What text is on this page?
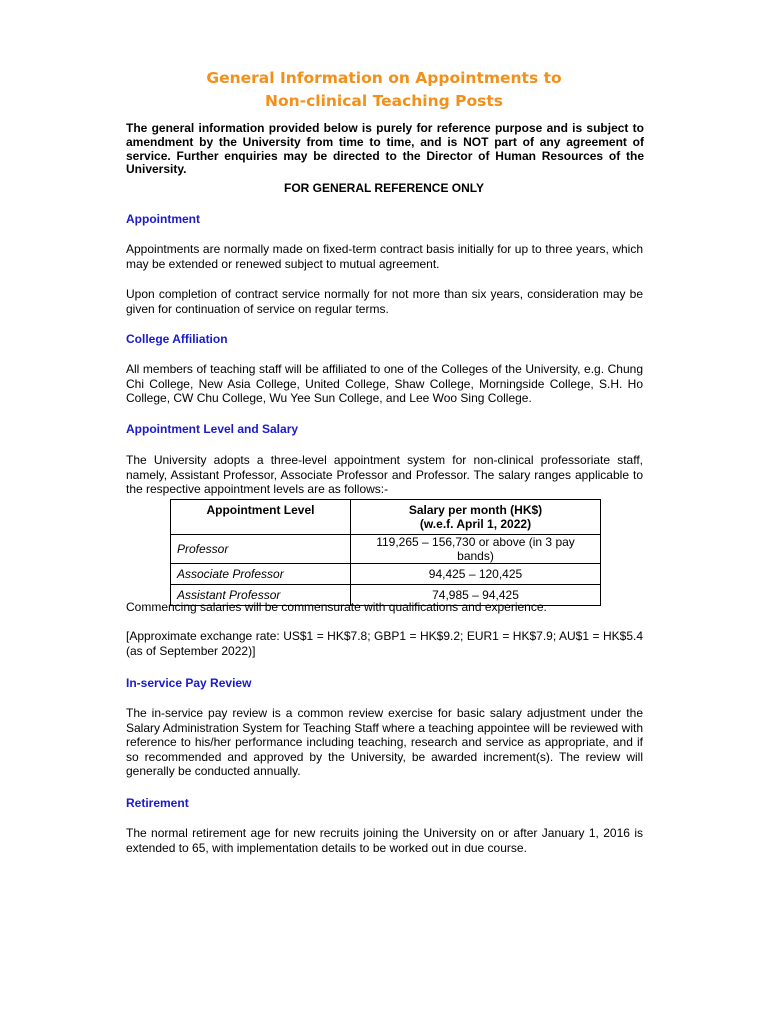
General Information on Appointments to
Non-clinical Teaching Posts
The general information provided below is purely for reference purpose and is subject to amendment by the University from time to time, and is NOT part of any agreement of service. Further enquiries may be directed to the Director of Human Resources of the University.
FOR GENERAL REFERENCE ONLY
Appointment
Appointments are normally made on fixed-term contract basis initially for up to three years, which may be extended or renewed subject to mutual agreement.
Upon completion of contract service normally for not more than six years, consideration may be given for continuation of service on regular terms.
College Affiliation
All members of teaching staff will be affiliated to one of the Colleges of the University, e.g. Chung Chi College, New Asia College, United College, Shaw College, Morningside College, S.H. Ho College, CW Chu College, Wu Yee Sun College, and Lee Woo Sing College.
Appointment Level and Salary
The University adopts a three-level appointment system for non-clinical professoriate staff, namely, Assistant Professor, Associate Professor and Professor. The salary ranges applicable to the respective appointment levels are as follows:-
Appointment Level	Salary per month (HK$)
(w.e.f. April 1, 2022)

Professor	119,265 – 156,730 or above (in 3 pay bands)
Associate Professor	94,425 – 120,425
Assistant Professor	74,985 – 94,425
Commencing salaries will be commensurate with qualifications and experience.
[Approximate exchange rate: US$1 = HK$7.8; GBP1 = HK$9.2; EUR1 = HK$7.9; AU$1 = HK$5.4 (as of September 2022)]
In-service Pay Review
The in-service pay review is a common review exercise for basic salary adjustment under the Salary Administration System for Teaching Staff where a teaching appointee will be reviewed with reference to his/her performance including teaching, research and service as appropriate, and if so recommended and approved by the University, be awarded increment(s). The review will generally be conducted annually.
Retirement
The normal retirement age for new recruits joining the University on or after January 1, 2016 is extended to 65, with implementation details to be worked out in due course.
